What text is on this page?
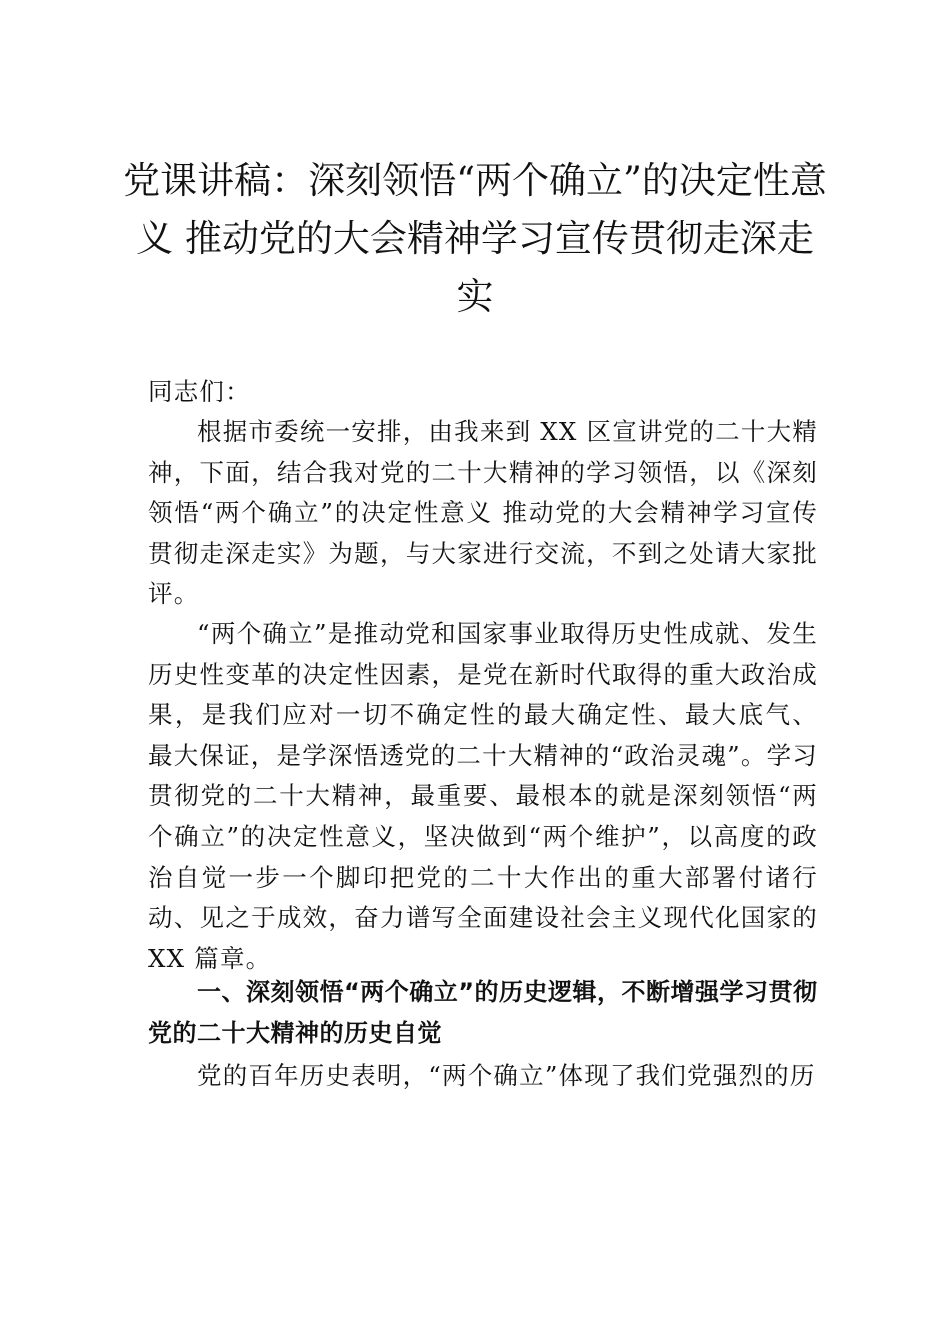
党课讲稿：深刻领悟“两个确立”的决定性意义 推动党的大会精神学习宣传贯彻走深走实
同志们：
根据市委统一安排，由我来到 XX 区宣讲党的二十大精神，下面，结合我对党的二十大精神的学习领悟，以《深刻领悟“两个确立”的决定性意义 推动党的大会精神学习宣传贯彻走深走实》为题，与大家进行交流，不到之处请大家批评。
“两个确立”是推动党和国家事业取得历史性成就、发生历史性变革的决定性因素，是党在新时代取得的重大政治成果，是我们应对一切不确定性的最大确定性、最大底气、 最大保证，是学深悟透党的二十大精神的“政治灵魂”。学习贯彻党的二十大精神，最重要、最根本的就是深刻领悟“两个确立”的决定性意义，坚决做到“两个维护”，以高度的政治自觉一步一个脚印把党的二十大作出的重大部署付诸行动、见之于成效，奋力谱写全面建设社会主义现代化国家的XX 篇章。
一、深刻领悟“两个确立”的历史逻辑，不断增强学习贯彻党的二十大精神的历史自觉
党的百年历史表明，“两个确立”体现了我们党强烈的历
